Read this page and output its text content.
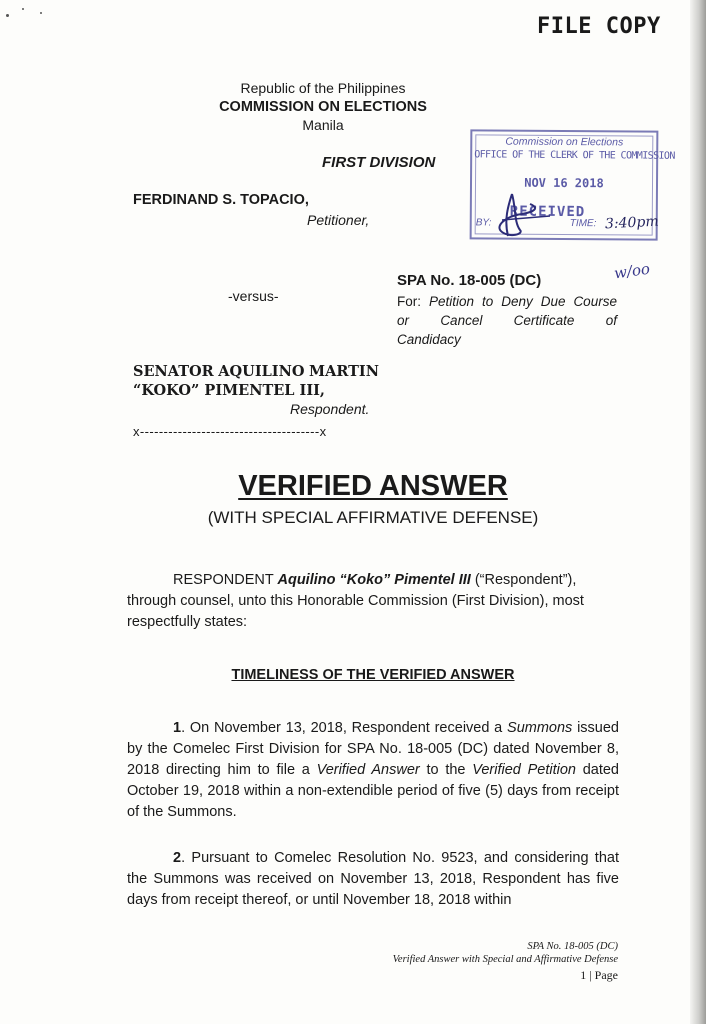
FILE COPY
Republic of the Philippines
COMMISSION ON ELECTIONS
Manila
FIRST DIVISION
FERDINAND S. TOPACIO,
Petitioner,
-versus-
SPA No. 18-005 (DC)
For: Petition to Deny Due Course
or Cancel Certificate of
Candidacy
SENATOR AQUILINO MARTIN
“KOKO” PIMENTEL III,
Respondent.
x--------------------------------------x
Commission on Elections
OFFICE OF THE CLERK OF THE COMMISSION
NOV 16 2018
BY:
RECEIVED
TIME: 3:40pm
w/oo
VERIFIED ANSWER
(WITH SPECIAL AFFIRMATIVE DEFENSE)
RESPONDENT Aquilino “Koko” Pimentel III (“Respondent”), through counsel, unto this Honorable Commission (First Division), most respectfully states:
TIMELINESS OF THE VERIFIED ANSWER
1. On November 13, 2018, Respondent received a Summons issued by the Comelec First Division for SPA No. 18-005 (DC) dated November 8, 2018 directing him to file a Verified Answer to the Verified Petition dated October 19, 2018 within a non-extendible period of five (5) days from receipt of the Summons.
2. Pursuant to Comelec Resolution No. 9523, and considering that the Summons was received on November 13, 2018, Respondent has five days from receipt thereof, or until November 18, 2018 within
SPA No. 18-005 (DC)
Verified Answer with Special and Affirmative Defense
1 | Page
